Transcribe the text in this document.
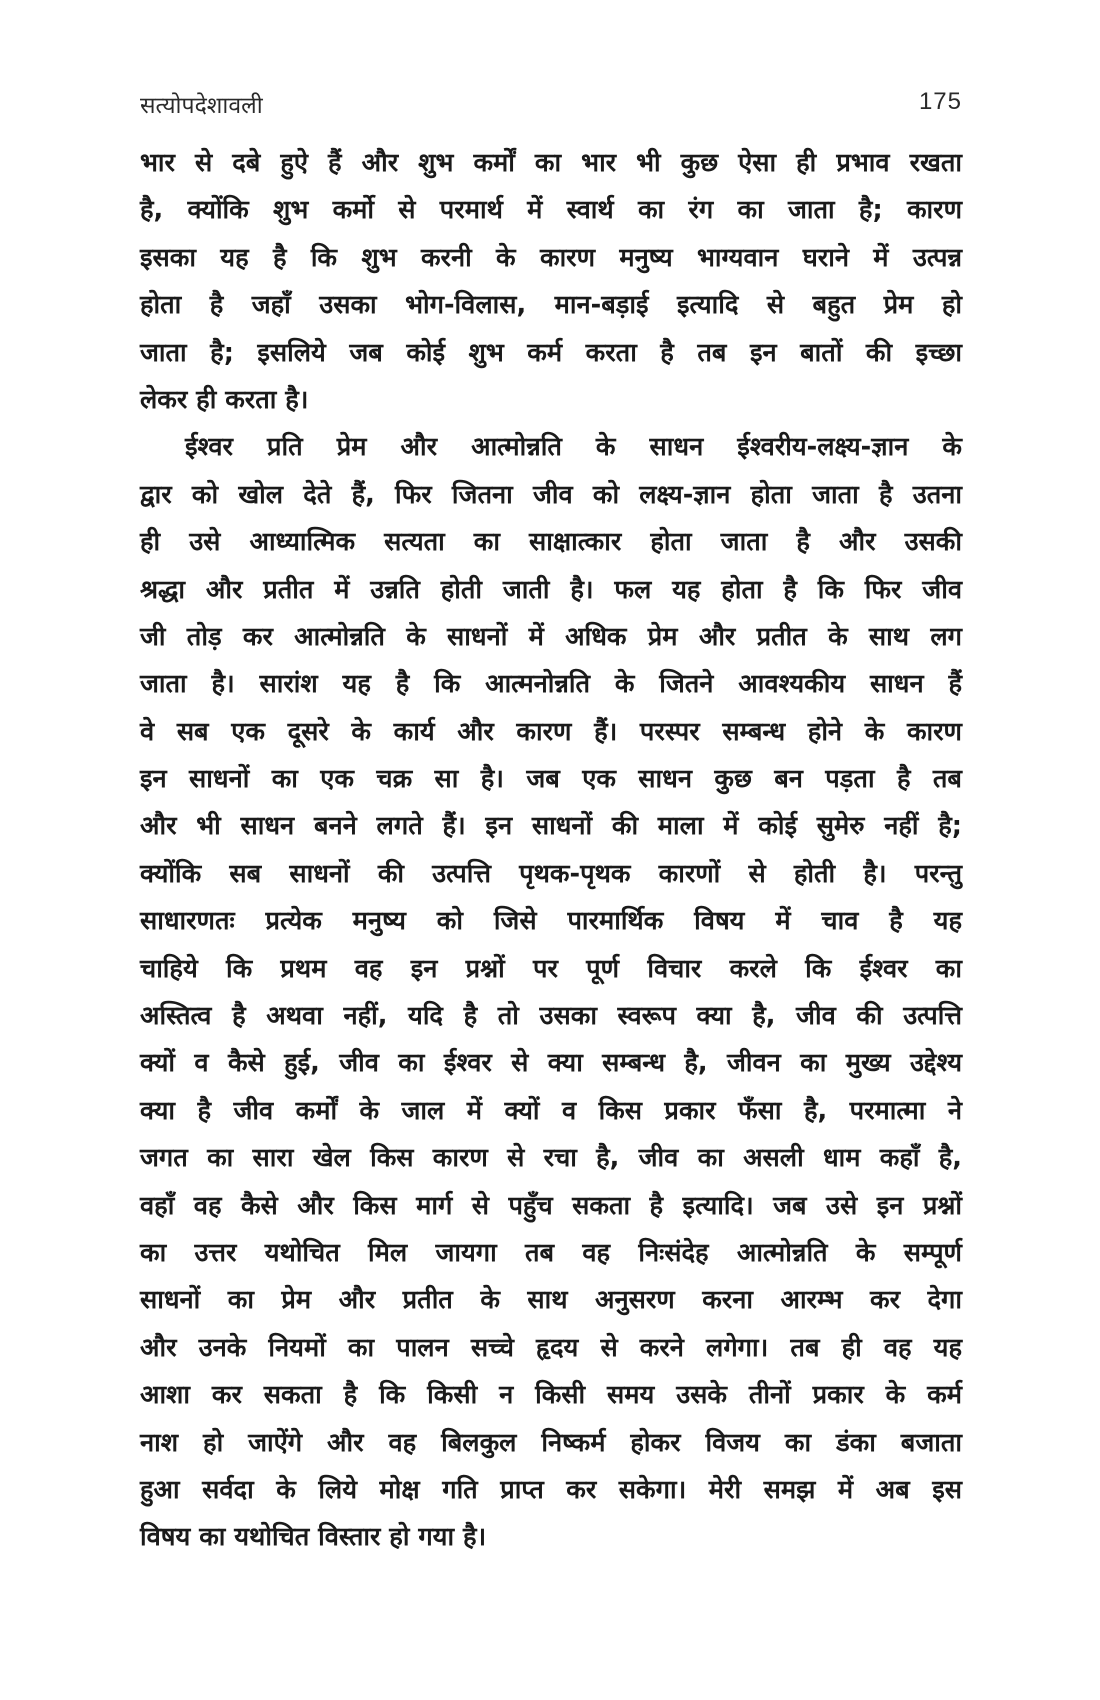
सत्योपदेशावली	175
भार से दबे हुऐ हैं और शुभ कर्मों का भार भी कुछ ऐसा ही प्रभाव रखता
है, क्योंकि शुभ कर्मो से परमार्थ में स्वार्थ का रंग का जाता है; कारण
इसका यह है कि शुभ करनी के कारण मनुष्य भाग्यवान घराने में उत्पन्न
होता है जहाँ उसका भोग-विलास, मान-बड़ाई इत्यादि से बहुत प्रेम हो
जाता है; इसलिये जब कोई शुभ कर्म करता है तब इन बातों की इच्छा
लेकर ही करता है।
ईश्वर प्रति प्रेम और आत्मोन्नति के साधन ईश्वरीय-लक्ष्य-ज्ञान के
द्वार को खोल देते हैं, फिर जितना जीव को लक्ष्य-ज्ञान होता जाता है उतना
ही उसे आध्यात्मिक सत्यता का साक्षात्कार होता जाता है और उसकी
श्रद्धा और प्रतीत में उन्नति होती जाती है। फल यह होता है कि फिर जीव
जी तोड़ कर आत्मोन्नति के साधनों में अधिक प्रेम और प्रतीत के साथ लग
जाता है। सारांश यह है कि आत्मनोन्नति के जितने आवश्यकीय साधन हैं
वे सब एक दूसरे के कार्य और कारण हैं। परस्पर सम्बन्ध होने के कारण
इन साधनों का एक चक्र सा है। जब एक साधन कुछ बन पड़ता है तब
और भी साधन बनने लगते हैं। इन साधनों की माला में कोई सुमेरु नहीं है;
क्योंकि सब साधनों की उत्पत्ति पृथक-पृथक कारणों से होती है। परन्तु
साधारणतः प्रत्येक मनुष्य को जिसे पारमार्थिक विषय में चाव है यह
चाहिये कि प्रथम वह इन प्रश्नों पर पूर्ण विचार करले कि ईश्वर का
अस्तित्व है अथवा नहीं, यदि है तो उसका स्वरूप क्या है, जीव की उत्पत्ति
क्यों व कैसे हुई, जीव का ईश्वर से क्या सम्बन्ध है, जीवन का मुख्य उद्देश्य
क्या है जीव कर्मों के जाल में क्यों व किस प्रकार फँसा है, परमात्मा ने
जगत का सारा खेल किस कारण से रचा है, जीव का असली धाम कहाँ है,
वहाँ वह कैसे और किस मार्ग से पहुँच सकता है इत्यादि। जब उसे इन प्रश्नों
का उत्तर यथोचित मिल जायगा तब वह निःसंदेह आत्मोन्नति के सम्पूर्ण
साधनों का प्रेम और प्रतीत के साथ अनुसरण करना आरम्भ कर देगा
और उनके नियमों का पालन सच्चे हृदय से करने लगेगा। तब ही वह यह
आशा कर सकता है कि किसी न किसी समय उसके तीनों प्रकार के कर्म
नाश हो जाऐंगे और वह बिलकुल निष्कर्म होकर विजय का डंका बजाता
हुआ सर्वदा के लिये मोक्ष गति प्राप्त कर सकेगा। मेरी समझ में अब इस
विषय का यथोचित विस्तार हो गया है।
